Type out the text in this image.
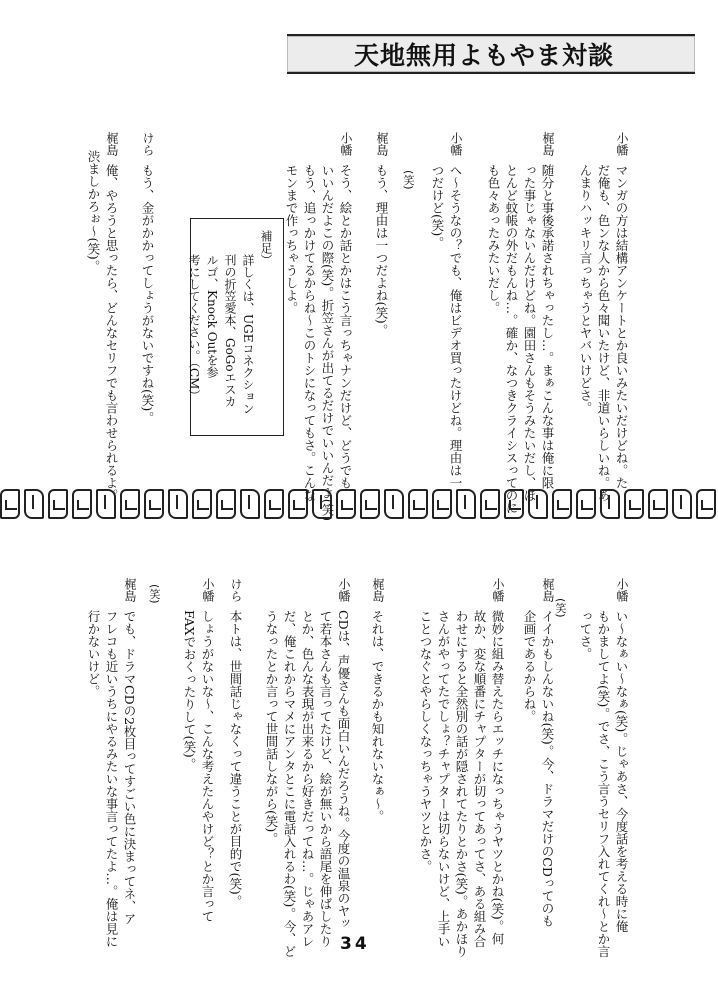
天地無用よもやま対談
小幡
マンガの方は結構アンケートとか良いみたいだけどね。た
だ俺も、色ンな人から色々聞いたけど、非道いらしいね。あ
んまりハッキリ言っちゃうとヤバいけどさ。
梶島
随分と事後承諾されちゃったし…。まぁこんな事は俺に限
った事じゃないんだけどね。園田さんもそうみたいだし、ほ
とんど蚊帳の外だもんね…。確か、なつきクライシスってのに
も色々あったみたいだし。
小幡
へ～そうなの？でも、俺はビデオ買ったけどね。理由は一
つだけど(笑)。
(笑)
梶島
もう、理由は一つだよね(笑)。
小幡
そう、絵とか話とかはこう言っちゃナンだけど、どうでも
いいんだよこの際(笑)。折笠さんが出てるだけでいいんだよ(笑)
もう、追っかけてるからね～このトシになってもさ。こんな
モンまで作っちゃうしよ。
けら
もう、金がかかってしょうがないですね(笑)。
梶島
俺、やろうと思ったら、どんなセリフでも言わせられるよ。
渋ましかろぉ～(笑)。	補足）
詳しくは、UGEコネクション
刊の折笠愛本、GoGoエスカ
ルゴ、Knock Outを参
考にしてください。（CM）
小幡
い～なぁい～なぁ(笑)。じゃあさ、今度話を考える時に俺
もかましてよ(笑)。でさ、こう言うセリフ入れてくれ～とか言
ってさ。
梶島
イイかもしんないね(笑)。今、ドラマだけのCDってのも
企画であるからね。
(笑)
小幡
微妙に組み替えたらエッチになっちゃうヤツとかね(笑)。何
故か、変な順番にチャプターが切ってあってさ、ある組み合
わせにすると全然別の話が隠されてたりとかさ(笑)。あかほり
さんがやってたでしょ？チャプターは切らないけど、上手い
ことつなぐとやらしくなっちゃうヤツとかさ。
梶島
それは、できるかも知れないなぁ～。
小幡
CDは、声優さんも面白いんだろうね。今度の温泉のヤッ
て若本さんも言ってたけど、絵が無いから語尾を伸ばしたり
とか、色んな表現が出来るから好きだってね…。じゃあアレ
だ、俺これからマメにアンタとこに電話入れるわ(笑)。今、ど
うなったとか言って世間話しながら(笑)。
けら
本トは、世間話じゃなくって違うことが目的で(笑)。
小幡
しょうがないな～、こんな考えたんやけど？とか言って
FAXでおくったりして(笑)。
(笑)
梶島
でも、ドラマCDの2枚目ってすごい色に決まってネ、ア
フレコも近いうちにやるみたいな事言ってたよ…。俺は見に
行かないけど。
34
